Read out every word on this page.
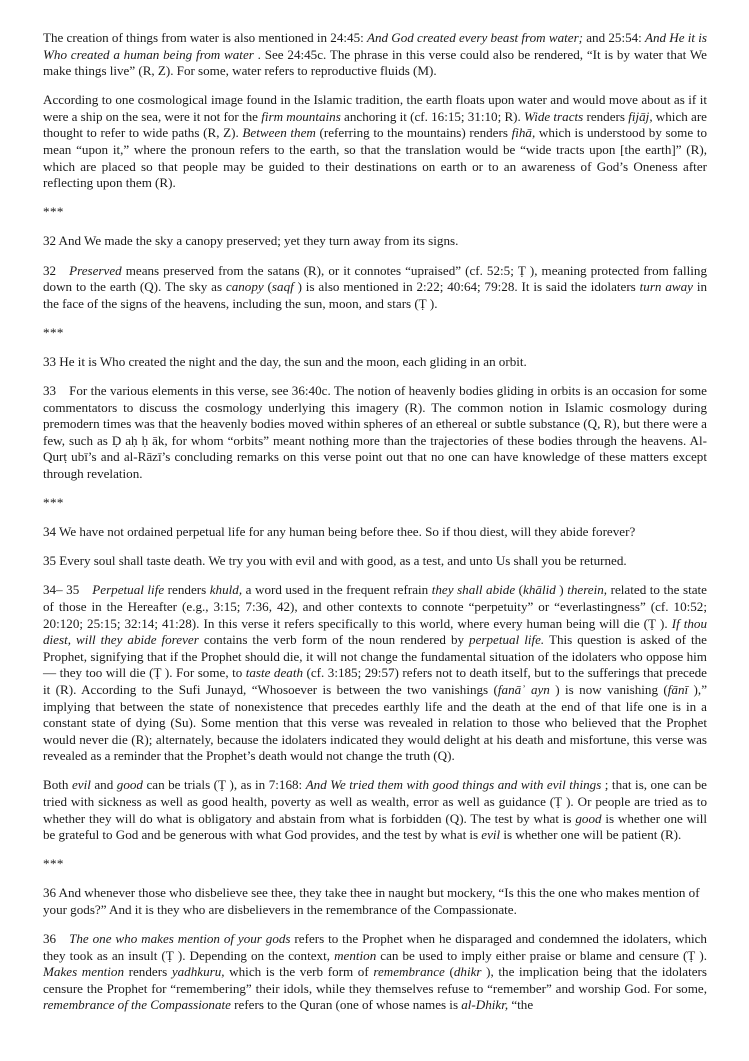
The creation of things from water is also mentioned in 24:45: And God created every beast from water; and 25:54: And He it is Who created a human being from water . See 24:45c. The phrase in this verse could also be rendered, “It is by water that We make things live” (R, Z). For some, water refers to reproductive fluids (M).

According to one cosmological image found in the Islamic tradition, the earth floats upon water and would move about as if it were a ship on the sea, were it not for the firm mountains anchoring it (cf. 16:15; 31:10; R). Wide tracts renders fijāj, which are thought to refer to wide paths (R, Z). Between them (referring to the mountains) renders fihā, which is understood by some to mean “upon it,” where the pronoun refers to the earth, so that the translation would be “wide tracts upon [the earth]” (R), which are placed so that people may be guided to their destinations on earth or to an awareness of God’s Oneness after reflecting upon them (R).

***

32 And We made the sky a canopy preserved; yet they turn away from its signs.

32 Preserved means preserved from the satans (R), or it connotes “upraised” (cf. 52:5; Ṭ ), meaning protected from falling down to the earth (Q). The sky as canopy (saqf ) is also mentioned in 2:22; 40:64; 79:28. It is said the idolaters turn away in the face of the signs of the heavens, including the sun, moon, and stars (Ṭ ).

***

33 He it is Who created the night and the day, the sun and the moon, each gliding in an orbit.

33 For the various elements in this verse, see 36:40c. The notion of heavenly bodies gliding in orbits is an occasion for some commentators to discuss the cosmology underlying this imagery (R). The common notion in Islamic cosmology during premodern times was that the heavenly bodies moved within spheres of an ethereal or subtle substance (Q, R), but there were a few, such as Ḍ aḥ ḥ āk, for whom “orbits” meant nothing more than the trajectories of these bodies through the heavens. Al-Qurṭ ubī’s and al-Rāzī’s concluding remarks on this verse point out that no one can have knowledge of these matters except through revelation.

***

34 We have not ordained perpetual life for any human being before thee. So if thou diest, will they abide forever?

35 Every soul shall taste death. We try you with evil and with good, as a test, and unto Us shall you be returned.

34– 35 Perpetual life renders khuld, a word used in the frequent refrain they shall abide (khālid ) therein, related to the state of those in the Hereafter (e.g., 3:15; 7:36, 42), and other contexts to connote “perpetuity” or “everlastingness” (cf. 10:52; 20:120; 25:15; 32:14; 41:28). In this verse it refers specifically to this world, where every human being will die (Ṭ ). If thou diest, will they abide forever contains the verb form of the noun rendered by perpetual life. This question is asked of the Prophet, signifying that if the Prophet should die, it will not change the fundamental situation of the idolaters who oppose him— they too will die (Ṭ ). For some, to taste death (cf. 3:185; 29:57) refers not to death itself, but to the sufferings that precede it (R). According to the Sufi Junayd, “Whosoever is between the two vanishings (fanāʾ ayn ) is now vanishing (fānī ),” implying that between the state of nonexistence that precedes earthly life and the death at the end of that life one is in a constant state of dying (Su). Some mention that this verse was revealed in relation to those who believed that the Prophet would never die (R); alternately, because the idolaters indicated they would delight at his death and misfortune, this verse was revealed as a reminder that the Prophet’s death would not change the truth (Q).

Both evil and good can be trials (Ṭ ), as in 7:168: And We tried them with good things and with evil things ; that is, one can be tried with sickness as well as good health, poverty as well as wealth, error as well as guidance (Ṭ ). Or people are tried as to whether they will do what is obligatory and abstain from what is forbidden (Q). The test by what is good is whether one will be grateful to God and be generous with what God provides, and the test by what is evil is whether one will be patient (R).

***

36 And whenever those who disbelieve see thee, they take thee in naught but mockery, “Is this the one who makes mention of your gods?” And it is they who are disbelievers in the remembrance of the Compassionate.

36 The one who makes mention of your gods refers to the Prophet when he disparaged and condemned the idolaters, which they took as an insult (Ṭ ). Depending on the context, mention can be used to imply either praise or blame and censure (Ṭ ). Makes mention renders yadhkuru, which is the verb form of remembrance (dhikr ), the implication being that the idolaters censure the Prophet for “remembering” their idols, while they themselves refuse to “remember” and worship God. For some, remembrance of the Compassionate refers to the Quran (one of whose names is al-Dhikr, “the
